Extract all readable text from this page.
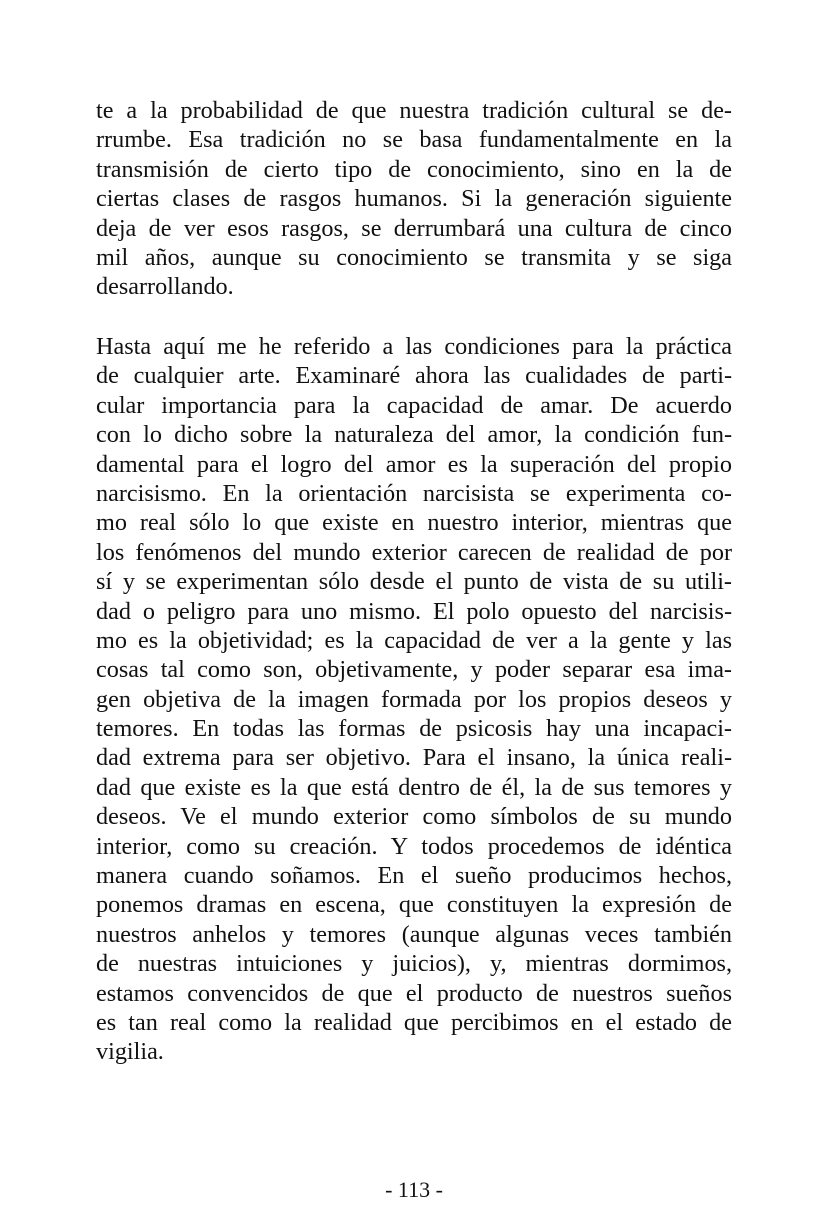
te a la probabilidad de que nuestra tradición cultural se de-
rrumbe. Esa tradición no se basa fundamentalmente en la
transmisión de cierto tipo de conocimiento, sino en la de
ciertas clases de rasgos humanos. Si la generación siguiente
deja de ver esos rasgos, se derrumbará una cultura de cinco
mil años, aunque su conocimiento se transmita y se siga
desarrollando.
Hasta aquí me he referido a las condiciones para la práctica
de cualquier arte. Examinaré ahora las cualidades de parti-
cular importancia para la capacidad de amar. De acuerdo
con lo dicho sobre la naturaleza del amor, la condición fun-
damental para el logro del amor es la superación del propio
narcisismo. En la orientación narcisista se experimenta co-
mo real sólo lo que existe en nuestro interior, mientras que
los fenómenos del mundo exterior carecen de realidad de por
sí y se experimentan sólo desde el punto de vista de su utili-
dad o peligro para uno mismo. El polo opuesto del narcisis-
mo es la objetividad; es la capacidad de ver a la gente y las
cosas tal como son, objetivamente, y poder separar esa ima-
gen objetiva de la imagen formada por los propios deseos y
temores. En todas las formas de psicosis hay una incapaci-
dad extrema para ser objetivo. Para el insano, la única reali-
dad que existe es la que está dentro de él, la de sus temores y
deseos. Ve el mundo exterior como símbolos de su mundo
interior, como su creación. Y todos procedemos de idéntica
manera cuando soñamos. En el sueño producimos hechos,
ponemos dramas en escena, que constituyen la expresión de
nuestros anhelos y temores (aunque algunas veces también
de nuestras intuiciones y juicios), y, mientras dormimos,
estamos convencidos de que el producto de nuestros sueños
es tan real como la realidad que percibimos en el estado de
vigilia.
- 113 -
